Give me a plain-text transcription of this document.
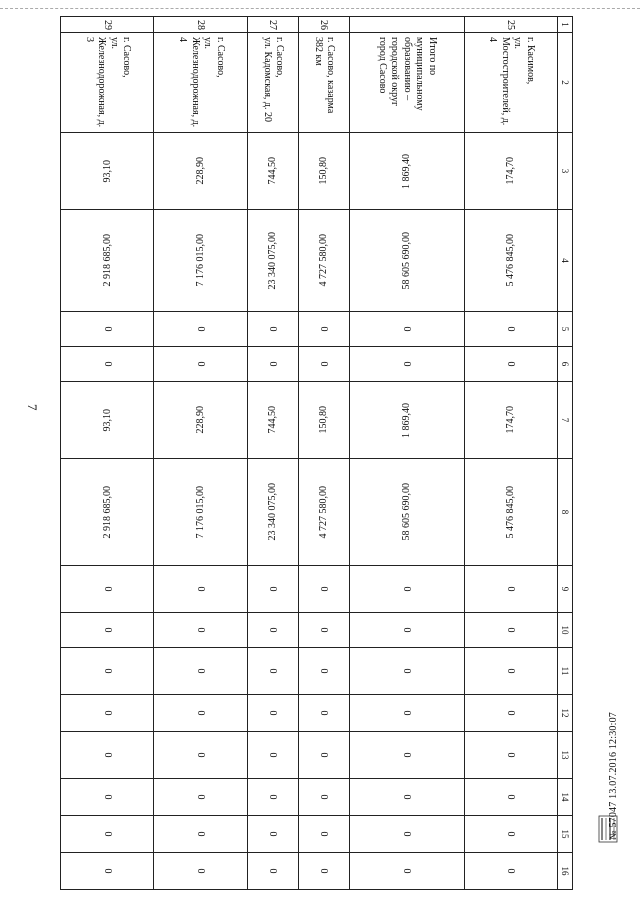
7
1	2	3	4	5	6	7	8	9	10	11	12	13	14	15	16
25	г. Касимов,
ул. Мостостроителей, д. 4	174,70	5 476 845,00	0	0	174,70	5 476 845,00	0	0	0	0	0	0	0	0
	Итого по муниципальному образованию – городской округ город Сасово	1 869,40	58 605 690,00	0	0	1 869,40	58 605 690,00	0	0	0	0	0	0	0	0
26	г. Сасово, казарма 382 км	150,80	4 727 580,00	0	0	150,80	4 727 580,00	0	0	0	0	0	0	0	0
27	г. Сасово,
ул. Кадомская, д. 20	744,50	23 340 075,00	0	0	744,50	23 340 075,00	0	0	0	0	0	0	0	0
28	г. Сасово,
ул. Железнодорожная, д. 4	228,90	7 176 015,00	0	0	228,90	7 176 015,00	0	0	0	0	0	0	0	0
29	г. Сасово,
ул. Железнодорожная, д. 3	93,10	2 918 685,00	0	0	93,10	2 918 685,00	0	0	0	0	0	0	0	0
№ 57047 13.07.2016 12:30:07
